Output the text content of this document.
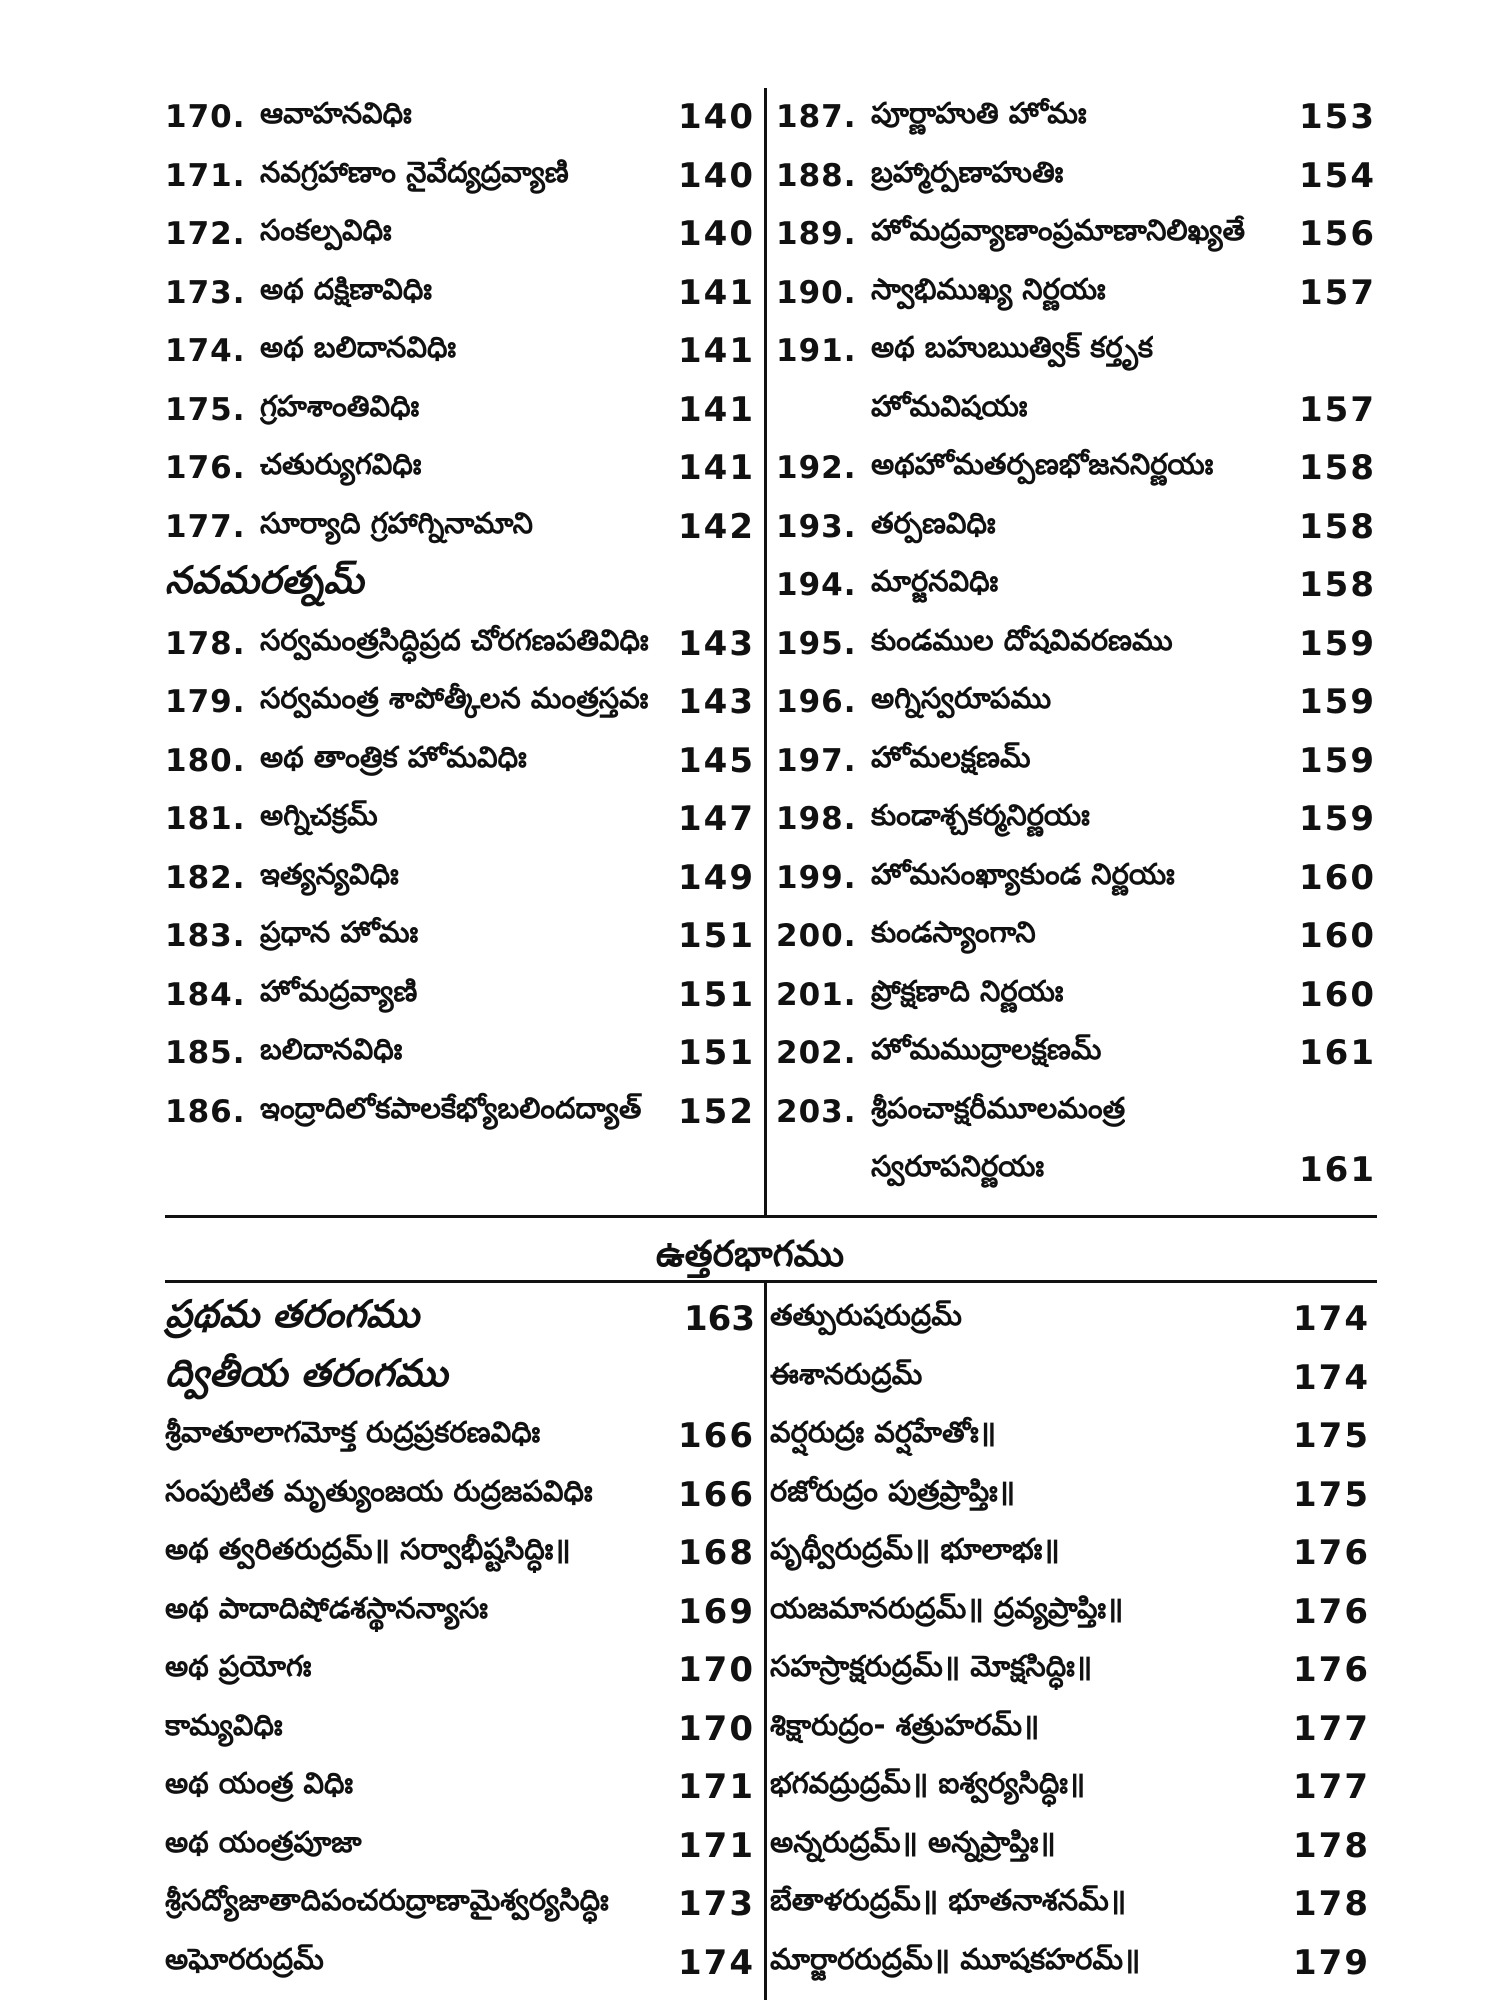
ఉత్తరభాగము
170. ఆవాహనవిధిః	140
171. నవగ్రహాణాం నైవేద్యద్రవ్యాణి	140
172. సంకల్పవిధిః	140
173. అథ దక్షిణావిధిః	141
174. అథ బలిదానవిధిః	141
175. గ్రహశాంతివిధిః	141
176. చతుర్యుగవిధిః	141
177. సూర్యాది గ్రహాగ్నినామాని	142
నవమరత్నమ్
178. సర్వమంత్రసిద్ధిప్రద చోరగణపతివిధిః 143
179. సర్వమంత్ర శాపోత్కీలన మంత్రస్తవః 143
180. అథ తాంత్రిక హోమవిధిః	145
181. అగ్నిచక్రమ్	147
182. ఇత్యన్యవిధిః	149
183. ప్రధాన హోమః	151
184. హోమద్రవ్యాణి	151
185. బలిదానవిధిః	151
186. ఇంద్రాదిలోకపాలకేభ్యోబలిందద్యాత్ 152
187. పూర్ణాహుతి హోమః	153
188. బ్రహ్మార్పణాహుతిః	154
189. హోమద్రవ్యాణాంప్రమాణానిలిఖ్యతే 156
190. స్వాభిముఖ్య నిర్ణయః	157
191. అథ బహుఋత్విక్ కర్తృక
హోమవిషయః	157
192. అథహోమతర్పణభోజననిర్ణయః	158
193. తర్పణవిధిః	158
194. మార్జనవిధిః	158
195. కుండముల దోషవివరణము	159
196. అగ్నిస్వరూపము	159
197. హోమలక్షణమ్	159
198. కుండాశ్చకర్మనిర్ణయః	159
199. హోమసంఖ్యాకుండ నిర్ణయః	160
200. కుండస్యాంగాని	160
201. ప్రోక్షణాది నిర్ణయః	160
202. హోమముద్రాలక్షణమ్	161
203. శ్రీపంచాక్షరీమూలమంత్ర
స్వరూపనిర్ణయః	161
ప్రథమ తరంగము	163
ద్వితీయ తరంగము
శ్రీవాతూలాగమోక్త రుద్రప్రకరణవిధిః	166
సంపుటిత మృత్యుంజయ రుద్రజపవిధిః	166
అథ త్వరితరుద్రమ్॥ సర్వాభీష్టసిద్ధిః॥	168
అథ పాదాదిషోడశస్థానన్యాసః	169
అథ ప్రయోగః	170
కామ్యవిధిః	170
అథ యంత్ర విధిః	171
అథ యంత్రపూజా	171
శ్రీసద్యోజాతాదిపంచరుద్రాణామైశ్వర్యసిద్ధిః 173
అఘోరరుద్రమ్	174
తత్పురుషరుద్రమ్	174
ఈశానరుద్రమ్	174
వర్షరుద్రః వర్షహేతోః॥	175
రజోరుద్రం పుత్రప్రాప్తిః॥	175
పృథ్వీరుద్రమ్॥ భూలాభః॥	176
యజమానరుద్రమ్॥ ద్రవ్యప్రాప్తిః॥	176
సహస్రాక్షరుద్రమ్॥ మోక్షసిద్ధిః॥	176
శిక్షారుద్రం- శత్రుహరమ్॥	177
భగవద్రుద్రమ్॥ ఐశ్వర్యసిద్ధిః॥	177
అన్నరుద్రమ్॥ అన్నప్రాప్తిః॥	178
బేతాళరుద్రమ్॥ భూతనాశనమ్॥	178
మార్జారరుద్రమ్॥ మూషకహరమ్॥	179
